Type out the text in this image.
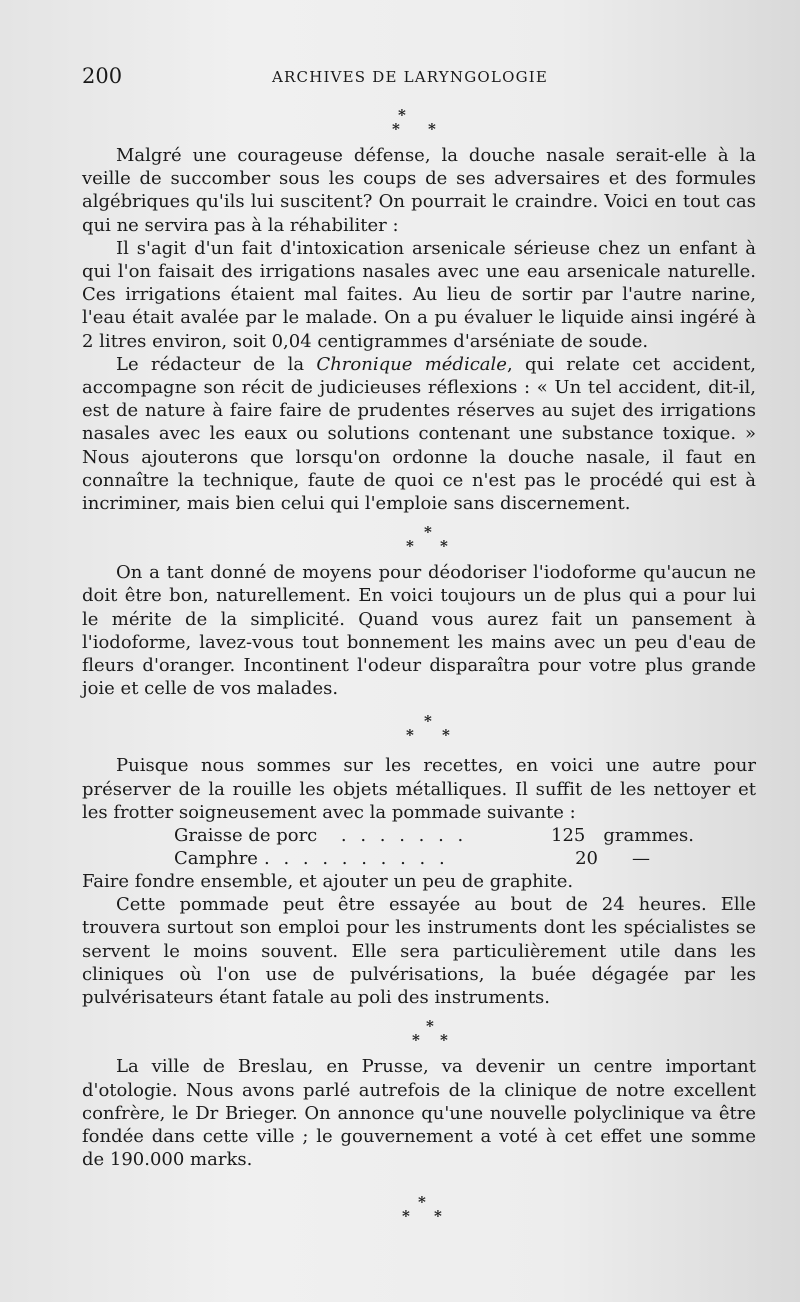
200	ARCHIVES DE LARYNGOLOGIE
*
* *

Malgré une courageuse défense, la douche nasale serait-elle à la veille de succomber sous les coups de ses adversaires et des formules algébriques qu'ils lui suscitent? On pourrait le craindre. Voici en tout cas qui ne servira pas à la réhabiliter :

Il s'agit d'un fait d'intoxication arsenicale sérieuse chez un enfant à qui l'on faisait des irrigations nasales avec une eau arsenicale naturelle. Ces irrigations étaient mal faites. Au lieu de sortir par l'autre narine, l'eau était avalée par le malade. On a pu évaluer le liquide ainsi ingéré à 2 litres environ, soit 0,04 centigrammes d'arséniate de soude.

Le rédacteur de la Chronique médicale, qui relate cet accident, accompagne son récit de judicieuses réflexions : « Un tel accident, dit-il, est de nature à faire faire de prudentes réserves au sujet des irrigations nasales avec les eaux ou solutions contenant une substance toxique. » Nous ajouterons que lorsqu'on ordonne la douche nasale, il faut en connaître la technique, faute de quoi ce n'est pas le procédé qui est à incriminer, mais bien celui qui l'emploie sans discernement.

*
* *

On a tant donné de moyens pour déodoriser l'iodoforme qu'aucun ne doit être bon, naturellement. En voici toujours un de plus qui a pour lui le mérite de la simplicité. Quand vous aurez fait un pansement à l'iodoforme, lavez-vous tout bonnement les mains avec un peu d'eau de fleurs d'oranger. Incontinent l'odeur disparaîtra pour votre plus grande joie et celle de vos malades.

*
* *

Puisque nous sommes sur les recettes, en voici une autre pour préserver de la rouille les objets métalliques. Il suffit de les nettoyer et les frotter soigneusement avec la pommade suivante :

Graisse de porc	. . . . . . .	125	grammes.
Camphre . . . . . . . . . .	20	—

Faire fondre ensemble, et ajouter un peu de graphite.

Cette pommade peut être essayée au bout de 24 heures. Elle trouvera surtout son emploi pour les instruments dont les spécialistes se servent le moins souvent. Elle sera particulièrement utile dans les cliniques où l'on use de pulvérisations, la buée dégagée par les pulvérisateurs étant fatale au poli des instruments.

*
* *

La ville de Breslau, en Prusse, va devenir un centre important d'otologie. Nous avons parlé autrefois de la clinique de notre excellent confrère, le Dr Brieger. On annonce qu'une nouvelle polyclinique va être fondée dans cette ville ; le gouvernement a voté à cet effet une somme de 190.000 marks.

*
* *
